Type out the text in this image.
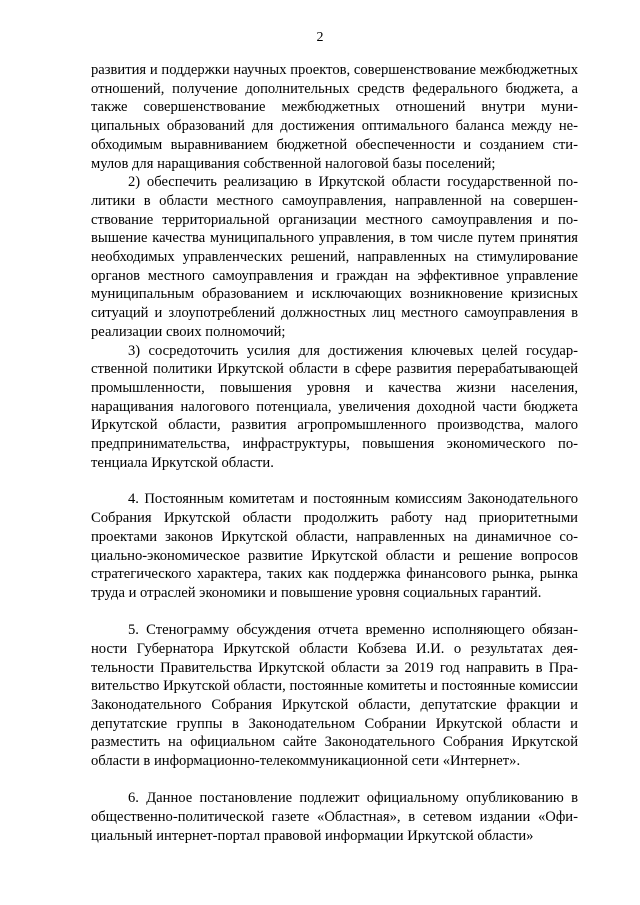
2

развития и поддержки научных проектов, совершенствование межбюджетных отношений, получение дополнительных средств федерального бюджета, а также совершенствование межбюджетных отношений внутри муниципальных образований для достижения оптимального баланса между необходимым выравниванием бюджетной обеспеченности и созданием стимулов для наращивания собственной налоговой базы поселений;

2) обеспечить реализацию в Иркутской области государственной политики в области местного самоуправления, направленной на совершенствование территориальной организации местного самоуправления и повышение качества муниципального управления, в том числе путем принятия необходимых управленческих решений, направленных на стимулирование органов местного самоуправления и граждан на эффективное управление муниципальным образованием и исключающих возникновение кризисных ситуаций и злоупотреблений должностных лиц местного самоуправления в реализации своих полномочий;

3) сосредоточить усилия для достижения ключевых целей государственной политики Иркутской области в сфере развития перерабатывающей промышленности, повышения уровня и качества жизни населения, наращивания налогового потенциала, увеличения доходной части бюджета Иркутской области, развития агропромышленного производства, малого предпринимательства, инфраструктуры, повышения экономического потенциала Иркутской области.

4. Постоянным комитетам и постоянным комиссиям Законодательного Собрания Иркутской области продолжить работу над приоритетными проектами законов Иркутской области, направленных на динамичное социально-экономическое развитие Иркутской области и решение вопросов стратегического характера, таких как поддержка финансового рынка, рынка труда и отраслей экономики и повышение уровня социальных гарантий.

5. Стенограмму обсуждения отчета временно исполняющего обязанности Губернатора Иркутской области Кобзева И.И. о результатах деятельности Правительства Иркутской области за 2019 год направить в Правительство Иркутской области, постоянные комитеты и постоянные комиссии Законодательного Собрания Иркутской области, депутатские фракции и депутатские группы в Законодательном Собрании Иркутской области и разместить на официальном сайте Законодательного Собрания Иркутской области в информационно-телекоммуникационной сети «Интернет».

6. Данное постановление подлежит официальному опубликованию в общественно-политической газете «Областная», в сетевом издании «Официальный интернет-портал правовой информации Иркутской области»
